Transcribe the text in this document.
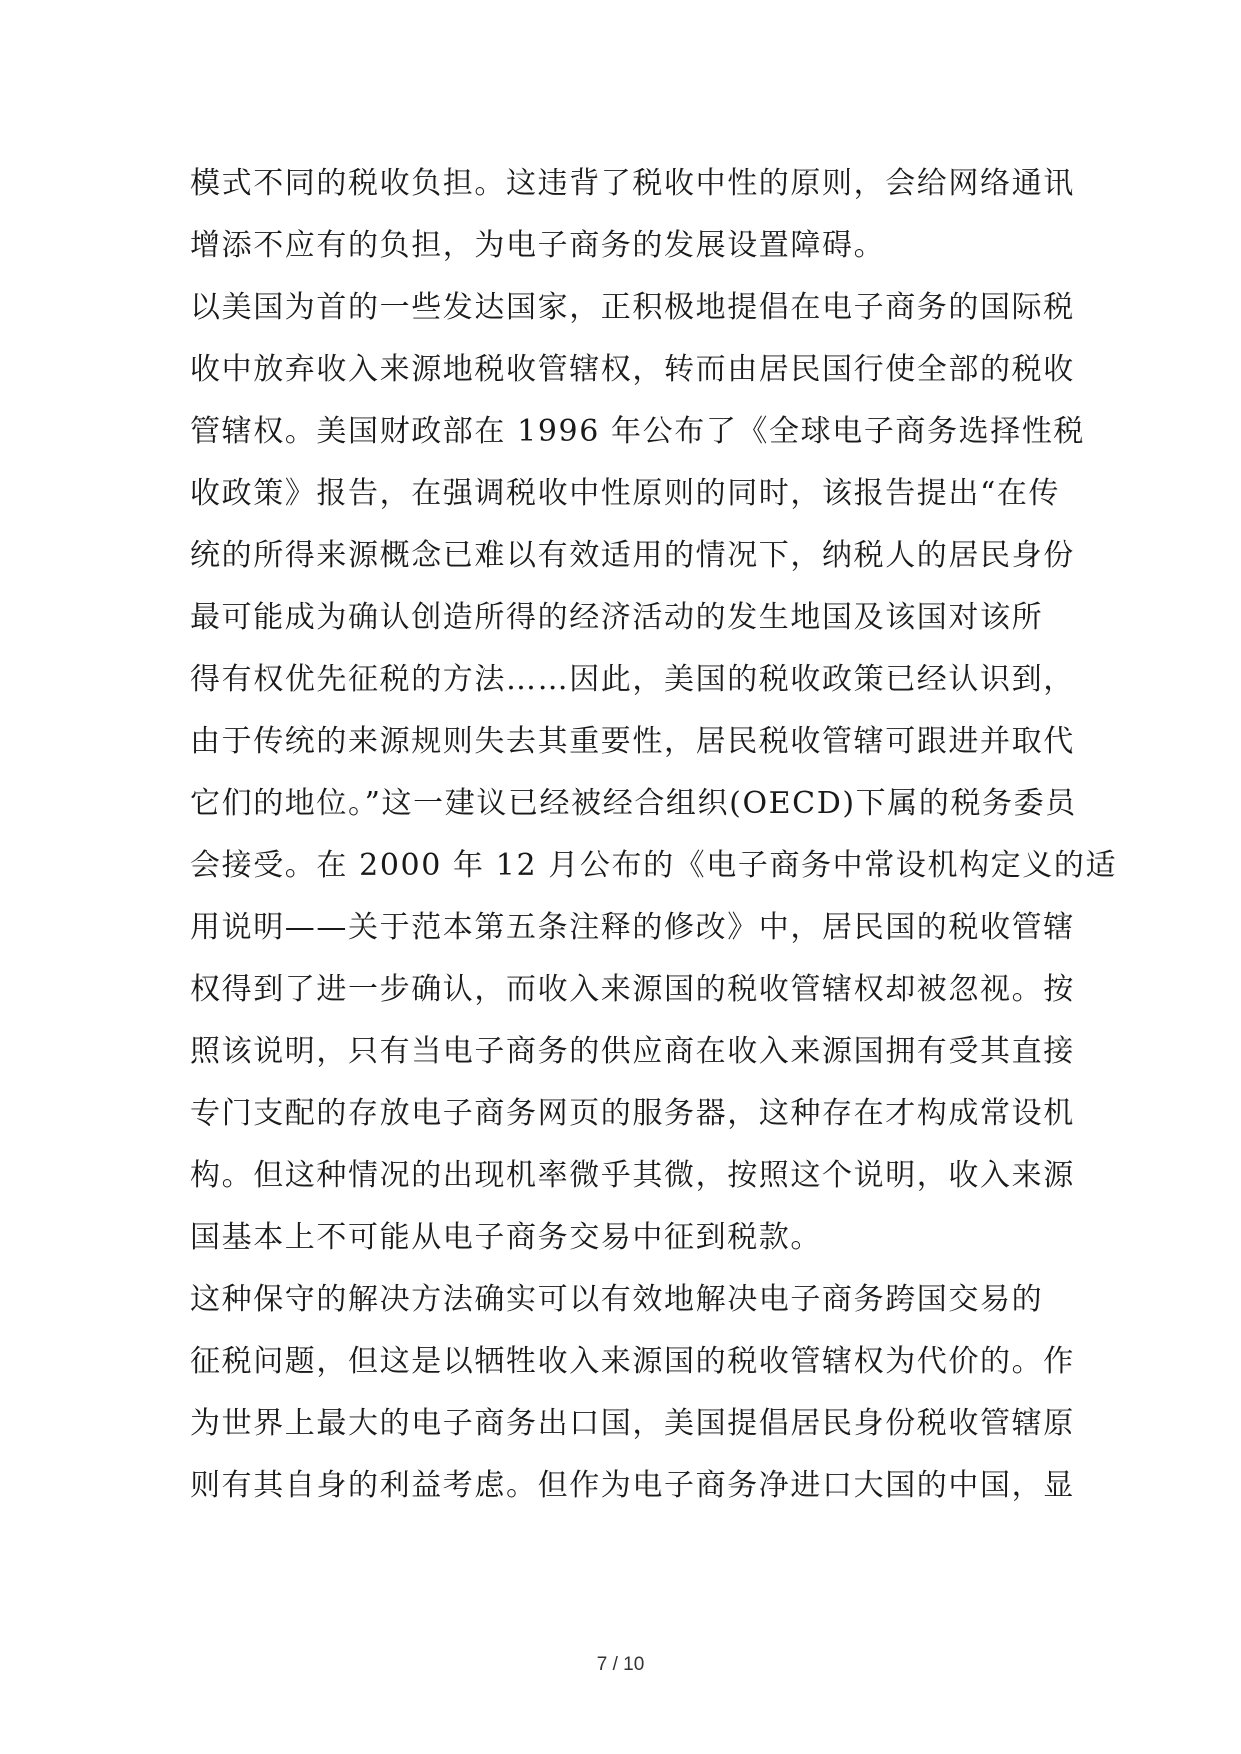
模式不同的税收负担。这违背了税收中性的原则，会给网络通讯
增添不应有的负担，为电子商务的发展设置障碍。
以美国为首的一些发达国家，正积极地提倡在电子商务的国际税
收中放弃收入来源地税收管辖权，转而由居民国行使全部的税收
管辖权。美国财政部在 1996 年公布了《全球电子商务选择性税
收政策》报告，在强调税收中性原则的同时，该报告提出“在传
统的所得来源概念已难以有效适用的情况下，纳税人的居民身份
最可能成为确认创造所得的经济活动的发生地国及该国对该所
得有权优先征税的方法……因此，美国的税收政策已经认识到，
由于传统的来源规则失去其重要性，居民税收管辖可跟进并取代
它们的地位。”这一建议已经被经合组织(OECD)下属的税务委员
会接受。在 2000 年 12 月公布的《电子商务中常设机构定义的适
用说明——关于范本第五条注释的修改》中，居民国的税收管辖
权得到了进一步确认，而收入来源国的税收管辖权却被忽视。按
照该说明，只有当电子商务的供应商在收入来源国拥有受其直接
专门支配的存放电子商务网页的服务器，这种存在才构成常设机
构。但这种情况的出现机率微乎其微，按照这个说明，收入来源
国基本上不可能从电子商务交易中征到税款。
这种保守的解决方法确实可以有效地解决电子商务跨国交易的
征税问题，但这是以牺牲收入来源国的税收管辖权为代价的。作
为世界上最大的电子商务出口国，美国提倡居民身份税收管辖原
则有其自身的利益考虑。但作为电子商务净进口大国的中国，显
7 / 10
